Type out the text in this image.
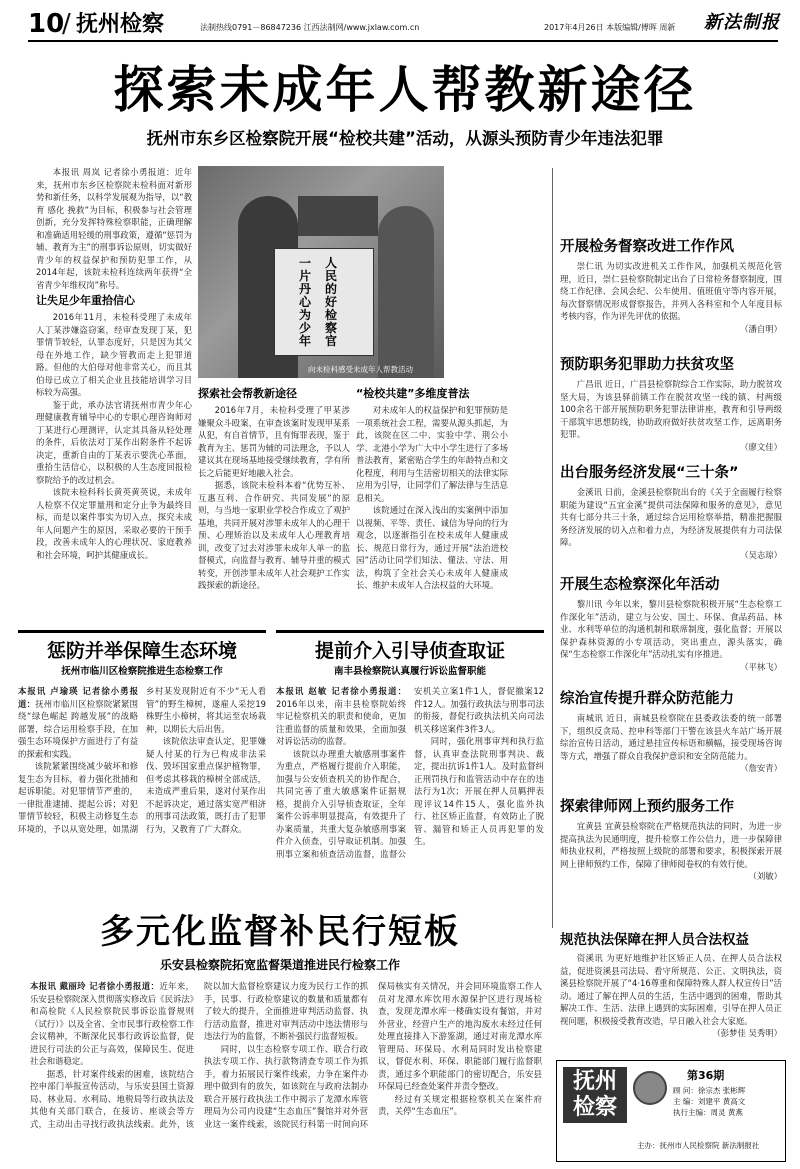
10
/ 抚州检察	法制热线0791－86847236 江西法制网/www.jxlaw.com.cn	2017年4月26日 本版编辑/傅晖 周新 新法制报
探索未成年人帮教新途径
抚州市东乡区检察院开展“检校共建”活动，从源头预防青少年违法犯罪

本报讯 周岚 记者徐小勇报道：近年来，抚州市东乡区检察院未检科面对新形势和新任务，以科学发展观为指导，以“教育 感化 挽救”为目标，积极参与社会管理创新，充分发挥特殊检察职能，正确理解和准确适用轻缓的刑事政策，遵循“惩罚为辅、教育为主”的刑事诉讼原则，切实做好青少年的权益保护和预防犯罪工作，从2014年起，该院未检科连续两年获得“全省青少年维权岗”称号。

让失足少年重拾信心

2016年11月，未检科受理了未成年人丁某涉嫌盗窃案，经审查发现丁某，犯罪情节较轻，认罪态度好，只是因为其父母在外地工作，缺少管教而走上犯罪道路。但他的大伯母对他非常关心，而且其伯母已成立了相关企业且技能培训学习目标较为高强。

鉴于此，承办法官请抚州市青少年心理健康教育辅导中心的专职心理咨询师对丁某进行心理测评，认定其具备从轻处理的条件，后依法对丁某作出附条件不起诉决定，重新自由的丁某表示要洗心革面，重拾生活信心，以积极的人生态度回报检察院给予的改过机会。

该院未检科科长黄英黄英说，未成年人检察不仅定罪量刑和定分止争为最终目标，而是以案件事实为切入点，探究未成年人问题产生的原因，采取必要的干预手段，改善未成年人的心理状况、家庭教养和社会环境，呵护其健康成长。

人民的好检察官
一片丹心为少年
向未检科感受未成年人帮教活动
探索社会帮教新途径

2016年7月，未检科受理了甲某涉嫌聚众斗殴案，在审查该案时发现甲某系从犯，有自首情节，且有悔罪表现，鉴于教育为主、惩罚为辅的司法理念，予以人建议其在现场基地接受继续教育，学有所长之后能更好地融入社会。

据悉，该院未检科本着“优势互补、互惠互利、合作研究、共同发展”的原则，与当地一家职业学校合作成立了观护基地，共同开展对涉罪未成年人的心理干预、心理矫治以及未成年人心理教育培训，改变了过去对涉罪未成年人单一的监督模式，向监督与教育、辅导并重的模式转变，开创涉罪未成年人社会观护工作实践探索的新途径。

“检校共建”多维度普法

对未成年人的权益保护和犯罪预防是一项系统社会工程，需要从源头抓起，为此，该院在区二中、实验中学、荆公小学、北港小学为广大中小学生进行了多场普法教育，紧密贴合学生的年龄特点和文化程度，利用与生活密切相关的法律实际应用为引导，让同学们了解法律与生活息息相关。

该院通过在深入浅出的实案例中添加以视频、平等、责任、诚信为导向的行为观念，以逐渐指引在校未成年人健康成长、规范日常行为，通过开展“法治进校园”活动让同学们知法、懂法、守法、用法，构筑了全社会关心未成年人健康成长、维护未成年人合法权益的大环境。

开展检务督察改进工作作风

崇仁讯 为切实改进机关工作作风，加强机关规范化管理，近日，崇仁县检察院制定出台了日常检务督察制度，围绕工作纪律、会风会纪、公车使用、值班值守等内容开展，每次督察情况形成督察报告，并列入各科室和个人年度目标考核内容，作为评先评优的依据。

（潘自明）
预防职务犯罪助力扶贫攻坚

广昌讯 近日，广昌县检察院综合工作实际，助力脱贫攻坚大局，为该县驿前镇工作在脱贫攻坚一线的镇、村两级100余名干部开展预防职务犯罪法律讲座，教育和引导两级干部筑牢思想防线，协助政府做好扶贫攻坚工作，远离职务犯罪。

（廖文佳）
出台服务经济发展“三十条”

金溪讯 日前，金溪县检察院出台的《关于全面履行检察职能为建设“五宜金溪”提供司法保障和服务的意见》，意见共有七部分共三十条，通过综合运用检察举措，精准把握服务经济发展的切入点和着力点，为经济发展提供有力司法保障。

（吴志琼）
开展生态检察深化年活动

黎川讯 今年以来，黎川县检察院积极开展“生态检察工作深化年”活动，建立与公安、国土、环保、食品药品、林业、水利等单位的沟通机制和联席制度，强化监督；开展以保护森林资源的小专项活动，突出重点，源头落实，确保“生态检察工作深化年”活动扎实有序推进。

（平林飞）
综治宣传提升群众防范能力

南城讯 近日，南城县检察院在县委政法委的统一部署下，组织反贪局、控申科等部门干警在该县火车站广场开展综治宣传日活动，通过悬挂宣传标语和横幅，接受现场咨询等方式，增强了群众自我保护意识和安全防范能力。

（詹安青）
探索律师网上预约服务工作

宜黄县 宜黄县检察院在严格规范执法的同时，为进一步提高执法为民通明度，提升检察工作公信力，进一步保障律师执业权利，严格按照上级院的部署和要求，积极探索开展网上律师预约工作，保障了律师阅卷权的有效行使。

（刘敏）
规范执法保障在押人员合法权益

资溪讯 为更好地维护社区矫正人员、在押人员合法权益，促进资溪县司法局、看守所规范、公正、文明执法，资溪县检察院开展了“4·16尊重和保障特殊人群人权宣传日”活动。通过了解在押人员的生活，生活中遇到的困难，帮助其解决工作、生活、法律上遇到的实际困难，引导在押人员正视问题，积极接受教育改造，早日融入社会大家庭。

（彭梦佳 吴秀明）
惩防并举保障生态环境
抚州市临川区检察院推进生态检察工作

本报讯 卢瑜瑛 记者徐小勇报道：抚州市临川区检察院紧紧围绕“绿色崛起 跨越发展”的战略部署，综合运用检察手段，在加强生态环境保护方面进行了有益的探索和实践。

该院紧紧围绕减少破坏和修复生态为目标，着力强化批捕和起诉职能。对犯罪情节严重的，一律批准逮捕、提起公诉；对犯罪情节较轻，积极主动修复生态环境的，予以从宽处理，如黑湖乡村某发现附近有不少“无人看管”的野生樟树，遂雇人采挖19株野生小樟树，将其运至农场栽种，以期长大后出售。

该院依法审查认定，犯罪嫌疑人付某的行为已构成非法采伐、毁坏国家重点保护植物罪，但考虑其移栽的樟树全部成活，未造成严重后果，遂对付某作出不起诉决定，通过落实宽严相济的刑事司法政策，既打击了犯罪行为，又教育了广大群众。

提前介入引导侦查取证
南丰县检察院认真履行诉讼监督职能

本报讯 赵敏 记者徐小勇报道：2016年以来，南丰县检察院始终牢记检察机关的职责和使命，更加注重监督的质量和效果，全面加强对诉讼活动的监督。

该院以办理重大敏感刑事案件为重点，严格履行提前介入职能，加强与公安侦查机关的协作配合，共同完善了重大敏感案件证据规格，提前介入引导侦查取证，全年案件公诉率明显提高，有效提升了办案质量，共重大复杂敏感刑事案件介入侦查，引导取证机制。加强刑事立案和侦查活动监督，监督公安机关立案1件1人，督促撤案12件12人。加强行政执法与刑事司法的衔接，督促行政执法机关向司法机关移送案件3件3人。

同时，强化刑事审判和执行监督，认真审查法院刑事判决、裁定，提出抗诉1件1人。及时监督纠正刑罚执行和监管活动中存在的违法行为1次；开展在押人员羁押表现评议14件15人，强化监外执行、社区矫正监督，有效防止了脱管、漏管和矫正人员再犯罪的发生。

多元化监督补民行短板
乐安县检察院拓宽监督渠道推进民行检察工作

本报讯 戴丽玲 记者徐小勇报道：近年来，乐安县检察院深入贯彻落实修改后《民诉法》和高检院《人民检察院民事诉讼监督规则（试行）》以及全省、全市民事行政检察工作会议精神，不断深化民事行政诉讼监督，促进民行司法的公正与高效，保障民生、促进社会和谐稳定。

据悉，针对案件线索的困难，该院结合控申部门举报宣传活动，与乐安县国土资源局、林业局、水利局、地税局等行政执法及其他有关部门联合，在接访、座谈会等方式，主动出击寻找行政执法线索。此外，该院以加大监督检察建议力度为民行工作的抓手，民事、行政检察建议的数量和质量都有了较大的提升，全面推进审判活动监督、执行活动监督，推进对审判活动中违法情形与违法行为的监督，不断补强民行监督短板。

同时，以生态检察专项工作、联合行政执法专项工作、执行款物清查专项工作为抓手，着力拓展民行案件线索，力争在案件办理中做到有的放矢，如该院在与政府法制办联合开展行政执法工作中揭示了龙潭水库管理局为公司内设建“生态血压”餐馆并对外营业这一案件线索，该院民行科第一时间向环保局核实有关情况，并会同环境监察工作人员对龙潭水库饮用水源保护区进行现场检查，发现龙潭水库一楼确实设有餐馆，并对外营业，经营户生产的地沟废水未经过任何处理直接排入下游鉴湖，通过对南龙潭水库管理局、环保局、水利局同时发出检察建议，督促水利、环保、职能部门履行监督职责，通过多个职能部门的密切配合，乐安县环保局已经查处案件并责令整改。

经过有关规定根据检察机关在案件府责，关停“生态血压”。

抚州检察
第36期
顾 问：徐宗杰 张彬辉
主 编：刘建平 黄高文
执行主编：周灵 黄燕
主办：抚州市人民检察院 新法制报社
